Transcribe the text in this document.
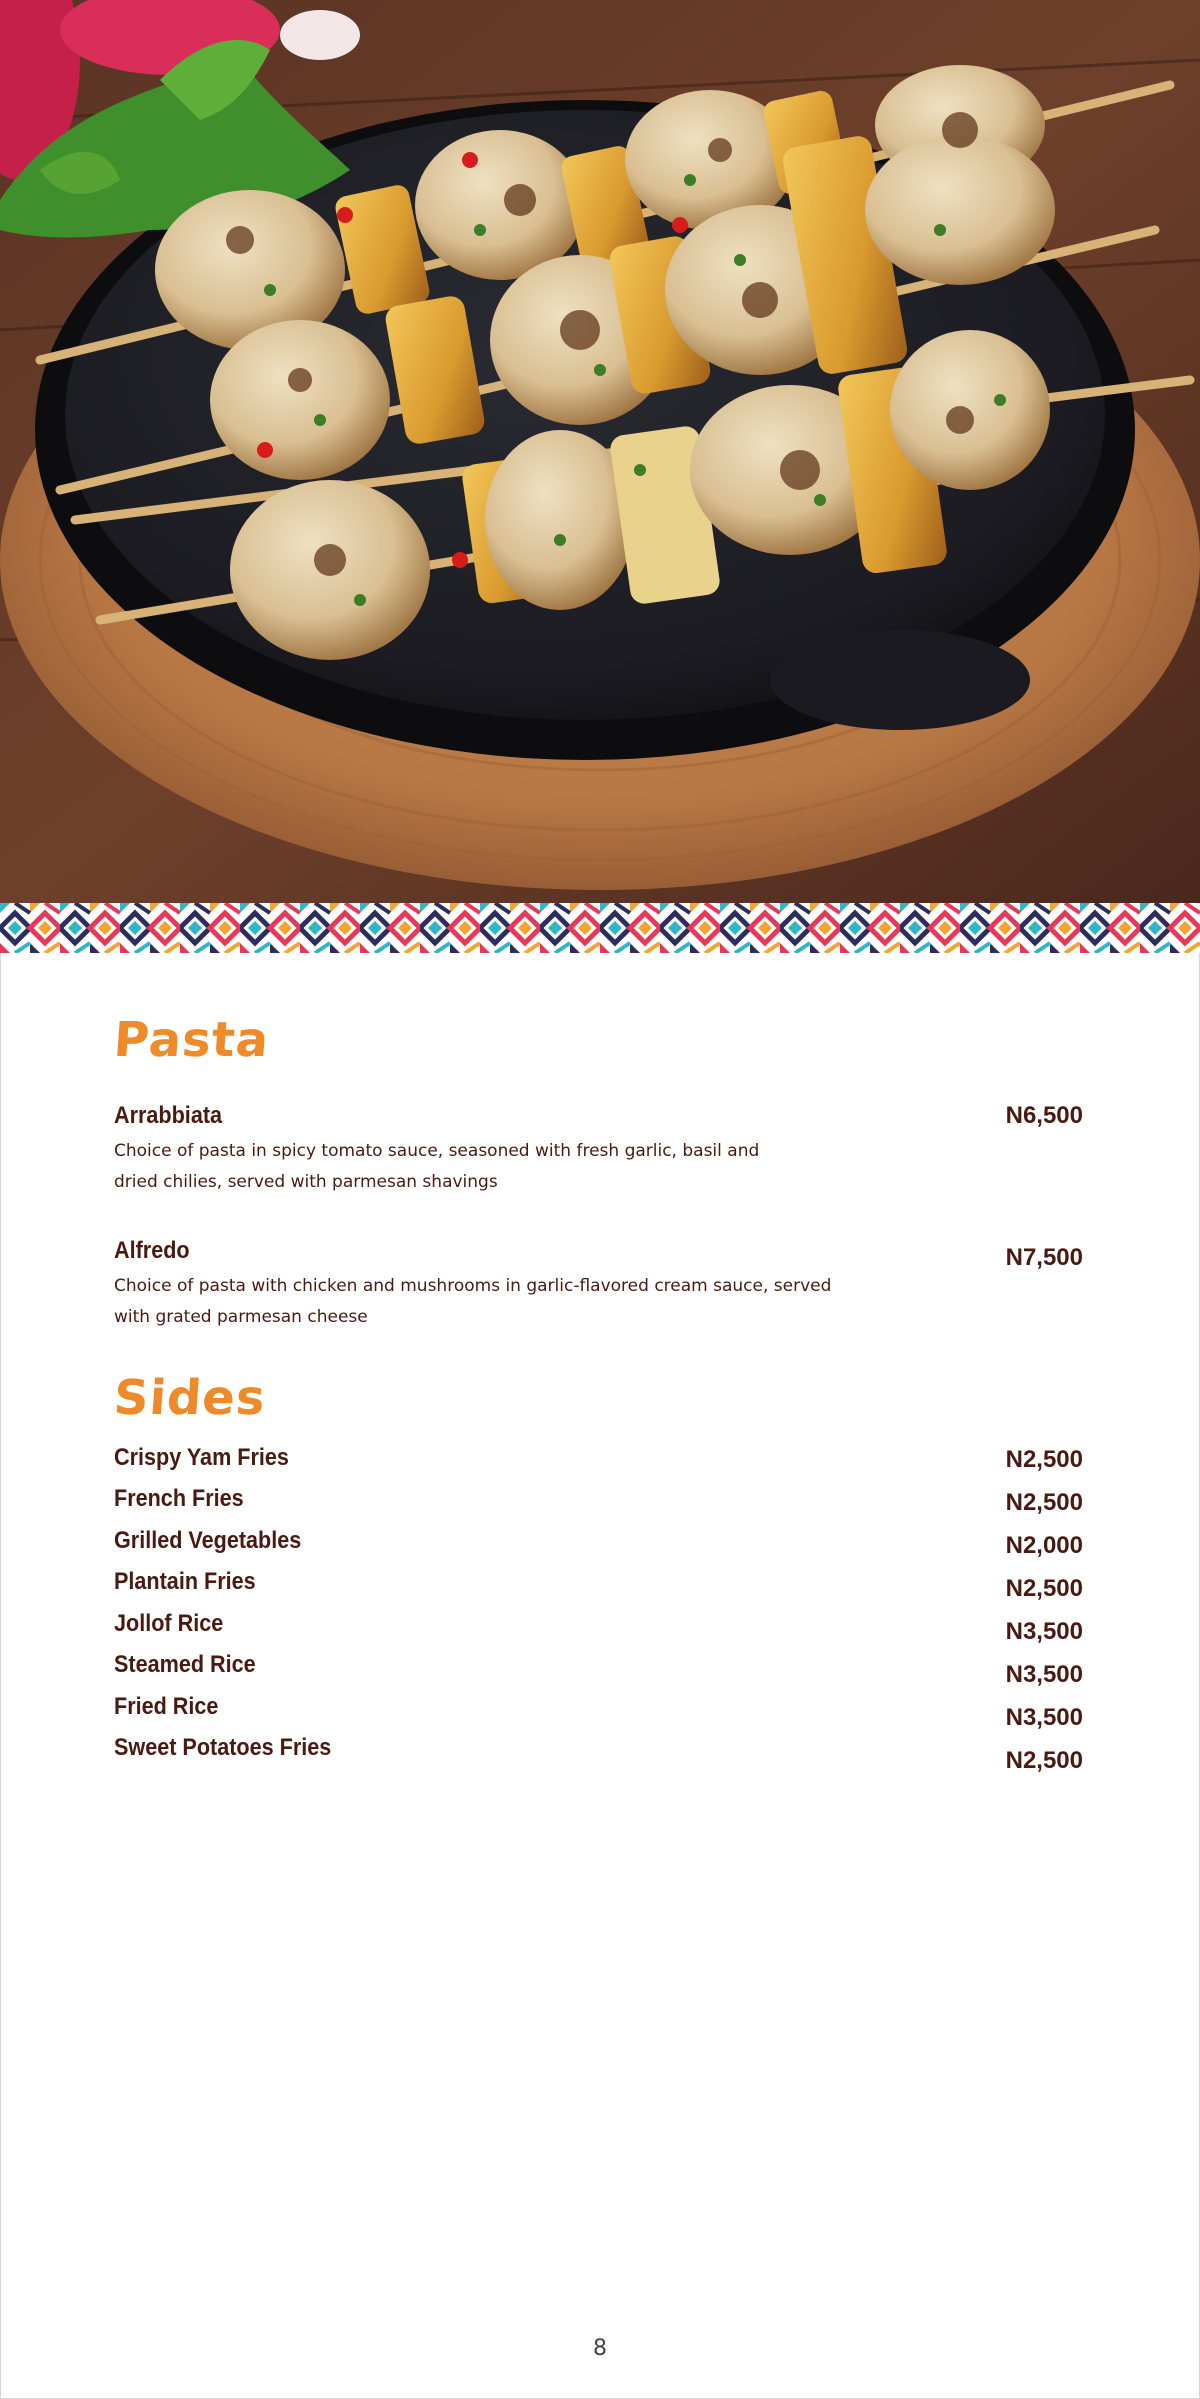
Pasta
Arrabbiata	N6,500
Choice of pasta in spicy tomato sauce, seasoned with fresh garlic, basil and
dried chilies, served with parmesan shavings
Alfredo	N7,500
Choice of pasta with chicken and mushrooms in garlic-flavored cream sauce, served
with grated parmesan cheese
Sides
Crispy Yam Fries	N2,500
French Fries	N2,500
Grilled Vegetables	N2,000
Plantain Fries	N2,500
Jollof Rice	N3,500
Steamed Rice	N3,500
Fried Rice	N3,500
Sweet Potatoes Fries	N2,500
8
